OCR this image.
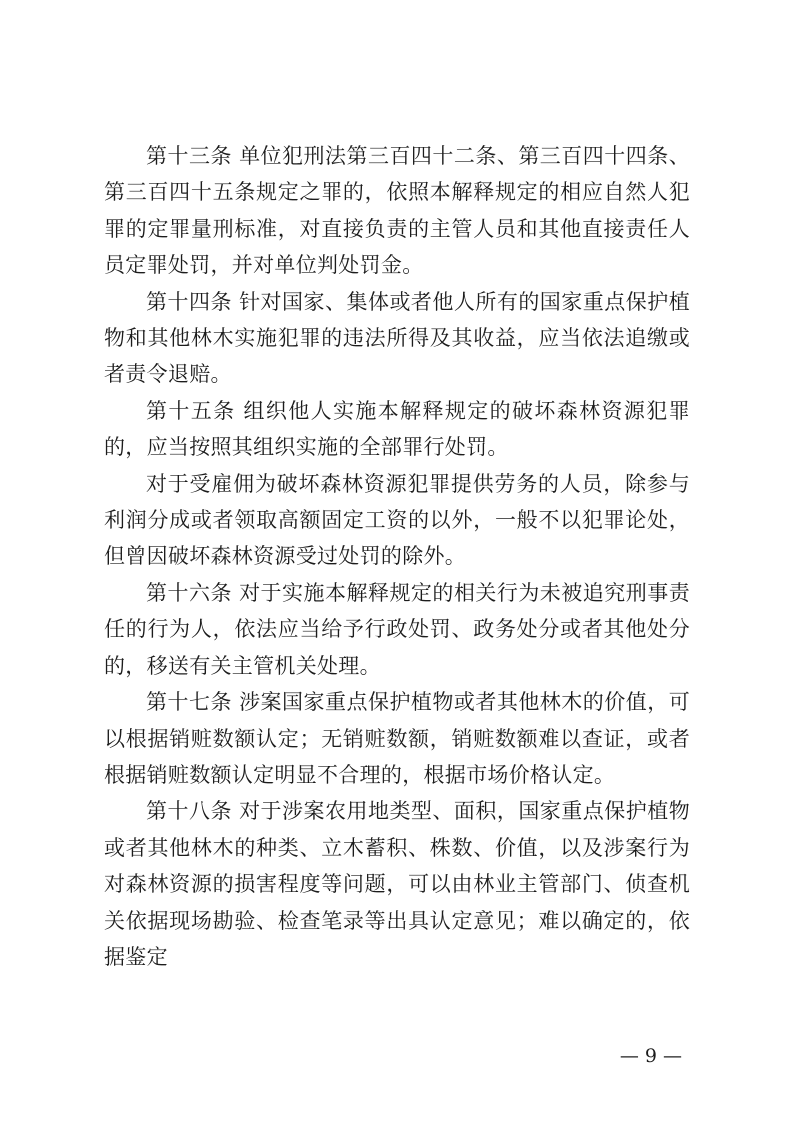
第十三条 单位犯刑法第三百四十二条、第三百四十四条、第三百四十五条规定之罪的，依照本解释规定的相应自然人犯罪的定罪量刑标准，对直接负责的主管人员和其他直接责任人员定罪处罚，并对单位判处罚金。

第十四条 针对国家、集体或者他人所有的国家重点保护植物和其他林木实施犯罪的违法所得及其收益，应当依法追缴或者责令退赔。

第十五条 组织他人实施本解释规定的破坏森林资源犯罪的，应当按照其组织实施的全部罪行处罚。

对于受雇佣为破坏森林资源犯罪提供劳务的人员，除参与利润分成或者领取高额固定工资的以外，一般不以犯罪论处，但曾因破坏森林资源受过处罚的除外。

第十六条 对于实施本解释规定的相关行为未被追究刑事责任的行为人，依法应当给予行政处罚、政务处分或者其他处分的，移送有关主管机关处理。

第十七条 涉案国家重点保护植物或者其他林木的价值，可以根据销赃数额认定；无销赃数额，销赃数额难以查证，或者根据销赃数额认定明显不合理的，根据市场价格认定。

第十八条 对于涉案农用地类型、面积，国家重点保护植物或者其他林木的种类、立木蓄积、株数、价值，以及涉案行为对森林资源的损害程度等问题，可以由林业主管部门、侦查机关依据现场勘验、检查笔录等出具认定意见；难以确定的，依据鉴定

— 9 —
